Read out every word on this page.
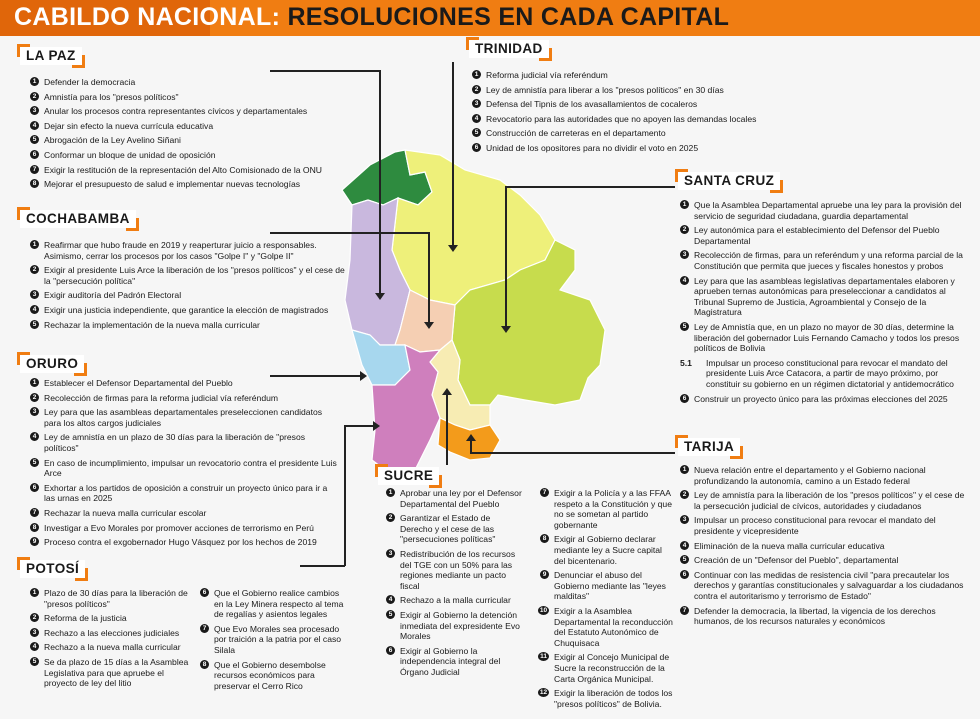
CABILDO NACIONAL: RESOLUCIONES EN CADA CAPITAL
LA PAZ
1 Defender la democracia
2 Amnistía para los "presos políticos"
3 Anular los procesos contra representantes cívicos y departamentales
4 Dejar sin efecto la nueva currícula educativa
5 Abrogación de la Ley Avelino Siñani
6 Conformar un bloque de unidad de oposición
7 Exigir la restitución de la representación del Alto Comisionado de la ONU
8 Mejorar el presupuesto de salud e implementar nuevas tecnologías
COCHABAMBA
1 Reafirmar que hubo fraude en 2019 y reaperturar juicio a responsables. Asimismo, cerrar los procesos por los casos "Golpe I" y "Golpe II"
2 Exigir al presidente Luis Arce la liberación de los "presos políticos" y el cese de la "persecución política"
3 Exigir auditoría del Padrón Electoral
4 Exigir una justicia independiente, que garantice la elección de magistrados
5 Rechazar la implementación de la nueva malla curricular
ORURO
1 Establecer el Defensor Departamental del Pueblo
2 Recolección de firmas para la reforma judicial vía referéndum
3 Ley para que las asambleas departamentales preseleccionen candidatos para los altos cargos judiciales
4 Ley de amnistía en un plazo de 30 días para la liberación de "presos políticos"
5 En caso de incumplimiento, impulsar un revocatorio contra el presidente Luis Arce
6 Exhortar a los partidos de oposición a construir un proyecto único para ir a las urnas en 2025
7 Rechazar la nueva malla curricular escolar
8 Investigar a Evo Morales por promover acciones de terrorismo en Perú
9 Proceso contra el exgobernador Hugo Vásquez por los hechos de 2019
POTOSÍ
1 Plazo de 30 días para la liberación de "presos políticos"
2 Reforma de la justicia
3 Rechazo a las elecciones judiciales
4 Rechazo a la nueva malla curricular
5 Se da plazo de 15 días a la Asamblea Legislativa para que apruebe el proyecto de ley del litio
6 Que el Gobierno realice cambios en la Ley Minera respecto al tema de regalías y asientos legales
7 Que Evo Morales sea procesado por traición a la patria por el caso Silala
8 Que el Gobierno desembolse recursos económicos para preservar el Cerro Rico
TRINIDAD
1 Reforma judicial vía referéndum
2 Ley de amnistía para liberar a los "presos políticos" en 30 días
3 Defensa del Tipnis de los avasallamientos de cocaleros
4 Revocatorio para las autoridades que no apoyen las demandas locales
5 Construcción de carreteras en el departamento
6 Unidad de los opositores para no dividir el voto en 2025
SANTA CRUZ
1 Que la Asamblea Departamental apruebe una ley para la provisión del servicio de seguridad ciudadana, guardia departamental
2 Ley autonómica para el establecimiento del Defensor del Pueblo Departamental
3 Recolección de firmas, para un referéndum y una reforma parcial de la Constitución que permita que jueces y fiscales honestos y probos
4 Ley para que las asambleas legislativas departamentales elaboren y aprueben ternas autonómicas para preseleccionar a candidatos al Tribunal Supremo de Justicia, Agroambiental y Consejo de la Magistratura
5 Ley de Amnistía que, en un plazo no mayor de 30 días, determine la liberación del gobernador Luis Fernando Camacho y todos los presos políticos de Bolivia
5.1 Impulsar un proceso constitucional para revocar el mandato del presidente Luis Arce Catacora, a partir de mayo próximo, por constituir su gobierno en un régimen dictatorial y antidemocrático
6 Construir un proyecto único para las próximas elecciones del 2025
TARIJA
1 Nueva relación entre el departamento y el Gobierno nacional profundizando la autonomía, camino a un Estado federal
2 Ley de amnistía para la liberación de los "presos políticos" y el cese de la persecución judicial de cívicos, autoridades y ciudadanos
3 Impulsar un proceso constitucional para revocar el mandato del presidente y vicepresidente
4 Eliminación de la nueva malla curricular educativa
5 Creación de un "Defensor del Pueblo", departamental
6 Continuar con las medidas de resistencia civil "para precautelar los derechos y garantías constitucionales y salvaguardar a los ciudadanos contra el autoritarismo y terrorismo de Estado"
7 Defender la democracia, la libertad, la vigencia de los derechos humanos, de los recursos naturales y económicos
SUCRE
1 Aprobar una ley por el Defensor Departamental del Pueblo
2 Garantizar el Estado de Derecho y el cese de las "persecuciones políticas"
3 Redistribución de los recursos del TGE con un 50% para las regiones mediante un pacto fiscal
4 Rechazo a la malla curricular
5 Exigir al Gobierno la detención inmediata del expresidente Evo Morales
6 Exigir al Gobierno la independencia integral del Órgano Judicial
7 Exigir a la Policía y a las FFAA respeto a la Constitución y que no se sometan al partido gobernante
8 Exigir al Gobierno declarar mediante ley a Sucre capital del bicentenario.
9 Denunciar el abuso del Gobierno mediante las "leyes malditas"
10 Exigir a la Asamblea Departamental la reconducción del Estatuto Autonómico de Chuquisaca
11 Exigir al Concejo Municipal de Sucre la reconstrucción de la Carta Orgánica Municipal.
12 Exigir la liberación de todos los "presos políticos" de Bolivia.
